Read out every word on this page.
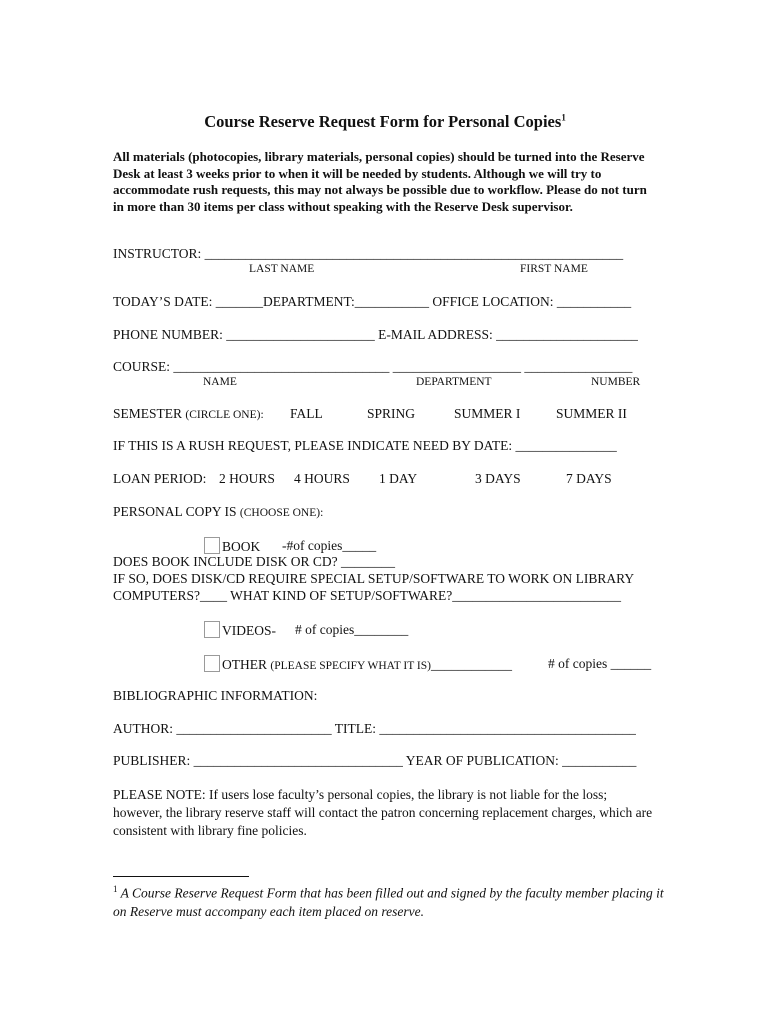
Course Reserve Request Form for Personal Copies$^1$
All materials (photocopies, library materials, personal copies) should be turned into the Reserve Desk at least 3 weeks prior to when it will be needed by students. Although we will try to accommodate rush requests, this may not always be possible due to workflow. Please do not turn in more than 30 items per class without speaking with the Reserve Desk supervisor.
INSTRUCTOR: ______________________________________________________________
LAST NAME	FIRST NAME
TODAY’S DATE: _______DEPARTMENT:___________ OFFICE LOCATION: ___________
PHONE NUMBER: ______________________ E-MAIL ADDRESS: _____________________
COURSE: ________________________________ ___________________ ________________
NAME	DEPARTMENT	NUMBER
SEMESTER (CIRCLE ONE): FALL	SPRING	SUMMER I	SUMMER II
IF THIS IS A RUSH REQUEST, PLEASE INDICATE NEED BY DATE: _______________
LOAN PERIOD: 2 HOURS 4 HOURS 1 DAY	3 DAYS	7 DAYS
PERSONAL COPY IS (CHOOSE ONE):
BOOK -#of copies_____
DOES BOOK INCLUDE DISK OR CD? ________
IF SO, DOES DISK/CD REQUIRE SPECIAL SETUP/SOFTWARE TO WORK ON LIBRARY
COMPUTERS?____ WHAT KIND OF SETUP/SOFTWARE?_________________________
VIDEOS- # of copies________
OTHER (PLEASE SPECIFY WHAT IT IS)____________	# of copies ______
BIBLIOGRAPHIC INFORMATION:
AUTHOR: _______________________ TITLE: ______________________________________
PUBLISHER: _______________________________ YEAR OF PUBLICATION: ___________
PLEASE NOTE: If users lose faculty’s personal copies, the library is not liable for the loss; however, the library reserve staff will contact the patron concerning replacement charges, which are consistent with library fine policies.
$^1$ A Course Reserve Request Form that has been filled out and signed by the faculty member placing it on Reserve must accompany each item placed on reserve.
